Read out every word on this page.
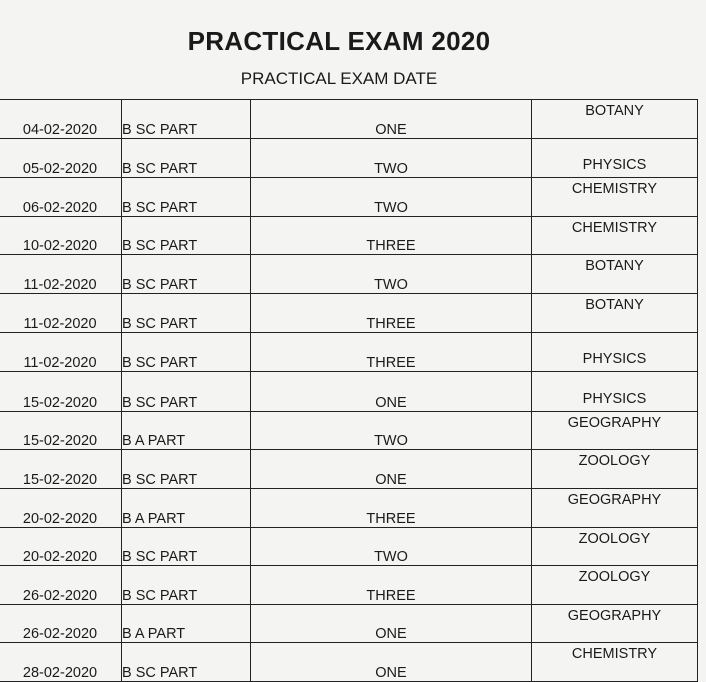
PRACTICAL EXAM 2020
PRACTICAL EXAM DATE
04-02-2020	B SC PART	ONE	BOTANY
05-02-2020	B SC PART	TWO	PHYSICS
06-02-2020	B SC PART	TWO	CHEMISTRY
10-02-2020	B SC PART	THREE	CHEMISTRY
11-02-2020	B SC PART	TWO	BOTANY
11-02-2020	B SC PART	THREE	BOTANY
11-02-2020	B SC PART	THREE	PHYSICS
15-02-2020	B SC PART	ONE	PHYSICS
15-02-2020	B A PART	TWO	GEOGRAPHY
15-02-2020	B SC PART	ONE	ZOOLOGY
20-02-2020	B A PART	THREE	GEOGRAPHY
20-02-2020	B SC PART	TWO	ZOOLOGY
26-02-2020	B SC PART	THREE	ZOOLOGY
26-02-2020	B A PART	ONE	GEOGRAPHY
28-02-2020	B SC PART	ONE	CHEMISTRY
